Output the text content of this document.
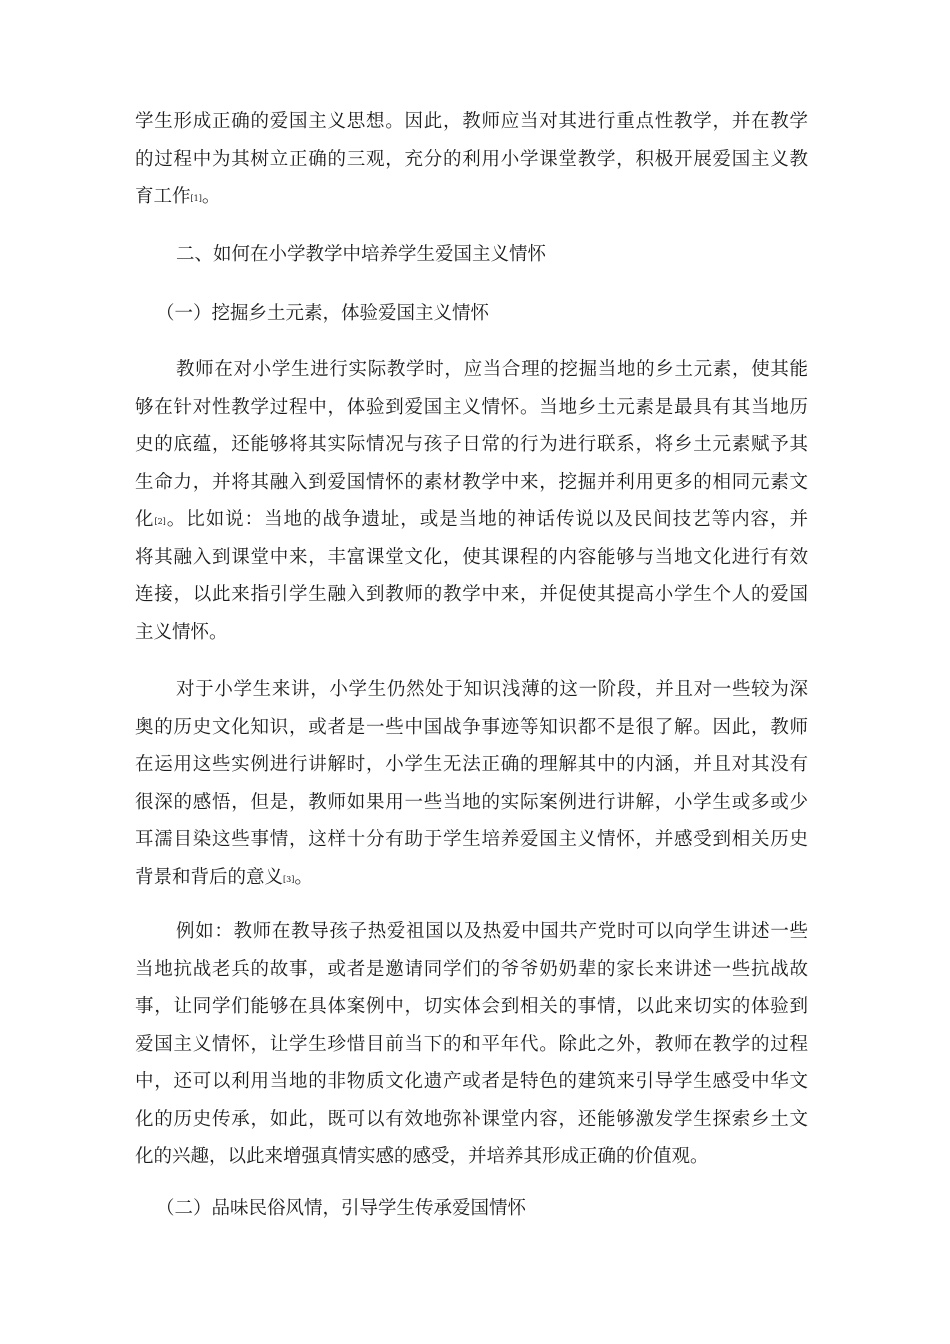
学生形成正确的爱国主义思想。因此，教师应当对其进行重点性教学，并在教学
的过程中为其树立正确的三观，充分的利用小学课堂教学，积极开展爱国主义教
育工作[1]。
二、如何在小学教学中培养学生爱国主义情怀
（一）挖掘乡土元素，体验爱国主义情怀
教师在对小学生进行实际教学时，应当合理的挖掘当地的乡土元素，使其能
够在针对性教学过程中，体验到爱国主义情怀。当地乡土元素是最具有其当地历
史的底蕴，还能够将其实际情况与孩子日常的行为进行联系，将乡土元素赋予其
生命力，并将其融入到爱国情怀的素材教学中来，挖掘并利用更多的相同元素文
化[2]。比如说：当地的战争遗址，或是当地的神话传说以及民间技艺等内容，并
将其融入到课堂中来，丰富课堂文化，使其课程的内容能够与当地文化进行有效
连接，以此来指引学生融入到教师的教学中来，并促使其提高小学生个人的爱国
主义情怀。
对于小学生来讲，小学生仍然处于知识浅薄的这一阶段，并且对一些较为深
奥的历史文化知识，或者是一些中国战争事迹等知识都不是很了解。因此，教师
在运用这些实例进行讲解时，小学生无法正确的理解其中的内涵，并且对其没有
很深的感悟，但是，教师如果用一些当地的实际案例进行讲解，小学生或多或少
耳濡目染这些事情，这样十分有助于学生培养爱国主义情怀，并感受到相关历史
背景和背后的意义[3]。
例如：教师在教导孩子热爱祖国以及热爱中国共产党时可以向学生讲述一些
当地抗战老兵的故事，或者是邀请同学们的爷爷奶奶辈的家长来讲述一些抗战故
事，让同学们能够在具体案例中，切实体会到相关的事情，以此来切实的体验到
爱国主义情怀，让学生珍惜目前当下的和平年代。除此之外，教师在教学的过程
中，还可以利用当地的非物质文化遗产或者是特色的建筑来引导学生感受中华文
化的历史传承，如此，既可以有效地弥补课堂内容，还能够激发学生探索乡土文
化的兴趣，以此来增强真情实感的感受，并培养其形成正确的价值观。
（二）品味民俗风情，引导学生传承爱国情怀
